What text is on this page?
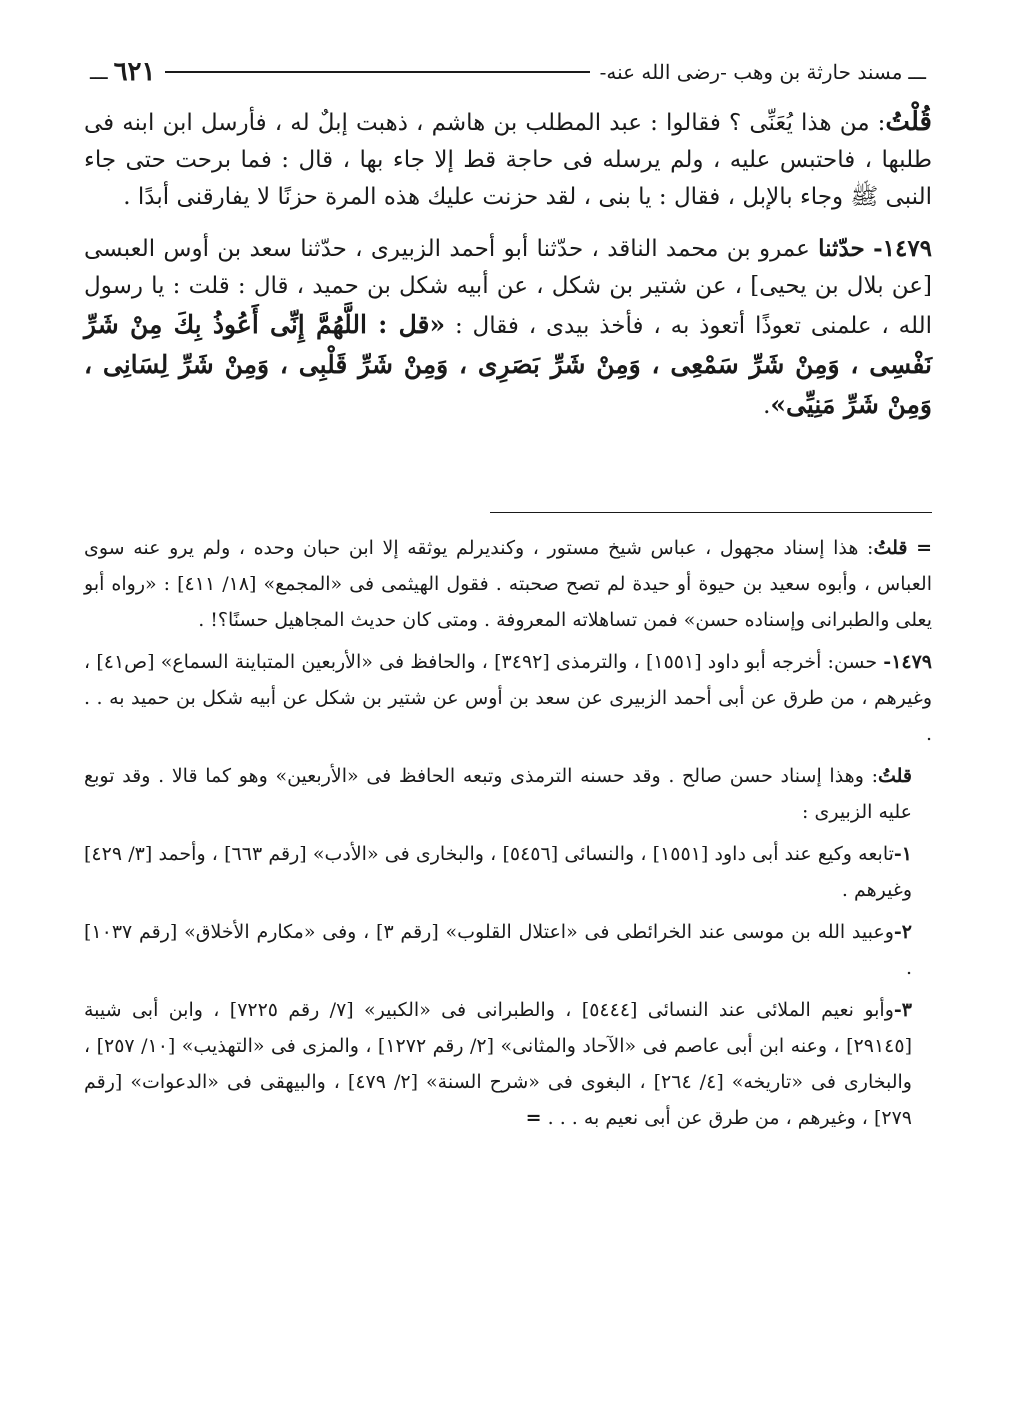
ـــ
مسند حارثة بن وهب -رضى الله عنه-
٦٢١
ـــ

قُلْتُ: من هذا يُعَنِّى ؟ فقالوا : عبد المطلب بن هاشم ، ذهبت إبلٌ له ، فأرسل ابن ابنه فى طلبها ، فاحتبس عليه ، ولم يرسله فى حاجة قط إلا جاء بها ، قال : فما برحت حتى جاء النبى ﷺ وجاء بالإبل ، فقال : يا بنى ، لقد حزنت عليك هذه المرة حزنًا لا يفارقنى أبدًا .

١٤٧٩- حدّثنا عمرو بن محمد الناقد ، حدّثنا أبو أحمد الزبيرى ، حدّثنا سعد بن أوس العبسى [عن بلال بن يحيى] ، عن شتير بن شكل ، عن أبيه شكل بن حميد ، قال : قلت : يا رسول الله ، علمنى تعوذًا أتعوذ به ، فأخذ بيدى ، فقال : «قل : اللَّهُمَّ إِنِّى أَعُوذُ بِكَ مِنْ شَرِّ نَفْسِى ، وَمِنْ شَرِّ سَمْعِى ، وَمِنْ شَرِّ بَصَرِى ، وَمِنْ شَرِّ قَلْبِى ، وَمِنْ شَرِّ لِسَانِى ، وَمِنْ شَرِّ مَنِيِّى».

= قلتُ: هذا إسناد مجهول ، عباس شيخ مستور ، وكنديرلم يوثقه إلا ابن حبان وحده ، ولم يرو عنه سوى العباس ، وأبوه سعيد بن حيوة أو حيدة لم تصح صحبته . فقول الهيثمى فى «المجمع» [١٨/ ٤١١] : «رواه أبو يعلى والطبرانى وإسناده حسن» فمن تساهلاته المعروفة . ومتى كان حديث المجاهيل حسنًا؟! .

١٤٧٩- حسن: أخرجه أبو داود [١٥٥١] ، والترمذى [٣٤٩٢] ، والحافظ فى «الأربعين المتباينة السماع» [ص٤١] ، وغيرهم ، من طرق عن أبى أحمد الزبيرى عن سعد بن أوس عن شتير بن شكل عن أبيه شكل بن حميد به . . .

قلتُ: وهذا إسناد حسن صالح . وقد حسنه الترمذى وتبعه الحافظ فى «الأربعين» وهو كما قالا . وقد توبع عليه الزبيرى :

١-تابعه وكيع عند أبى داود [١٥٥١] ، والنسائى [٥٤٥٦] ، والبخارى فى «الأدب» [رقم ٦٦٣] ، وأحمد [٣/ ٤٢٩] وغيرهم .

٢-وعبيد الله بن موسى عند الخرائطى فى «اعتلال القلوب» [رقم ٣] ، وفى «مكارم الأخلاق» [رقم ١٠٣٧] .

٣-وأبو نعيم الملائى عند النسائى [٥٤٤٤] ، والطبرانى فى «الكبير» [٧/ رقم ٧٢٢٥] ، وابن أبى شيبة [٢٩١٤٥] ، وعنه ابن أبى عاصم فى «الآحاد والمثانى» [٢/ رقم ١٢٧٢] ، والمزى فى «التهذيب» [١٠/ ٢٥٧] ، والبخارى فى «تاريخه» [٤/ ٢٦٤] ، البغوى فى «شرح السنة» [٢/ ٤٧٩] ، والبيهقى فى «الدعوات» [رقم ٢٧٩] ، وغيرهم ، من طرق عن أبى نعيم به . . . =
